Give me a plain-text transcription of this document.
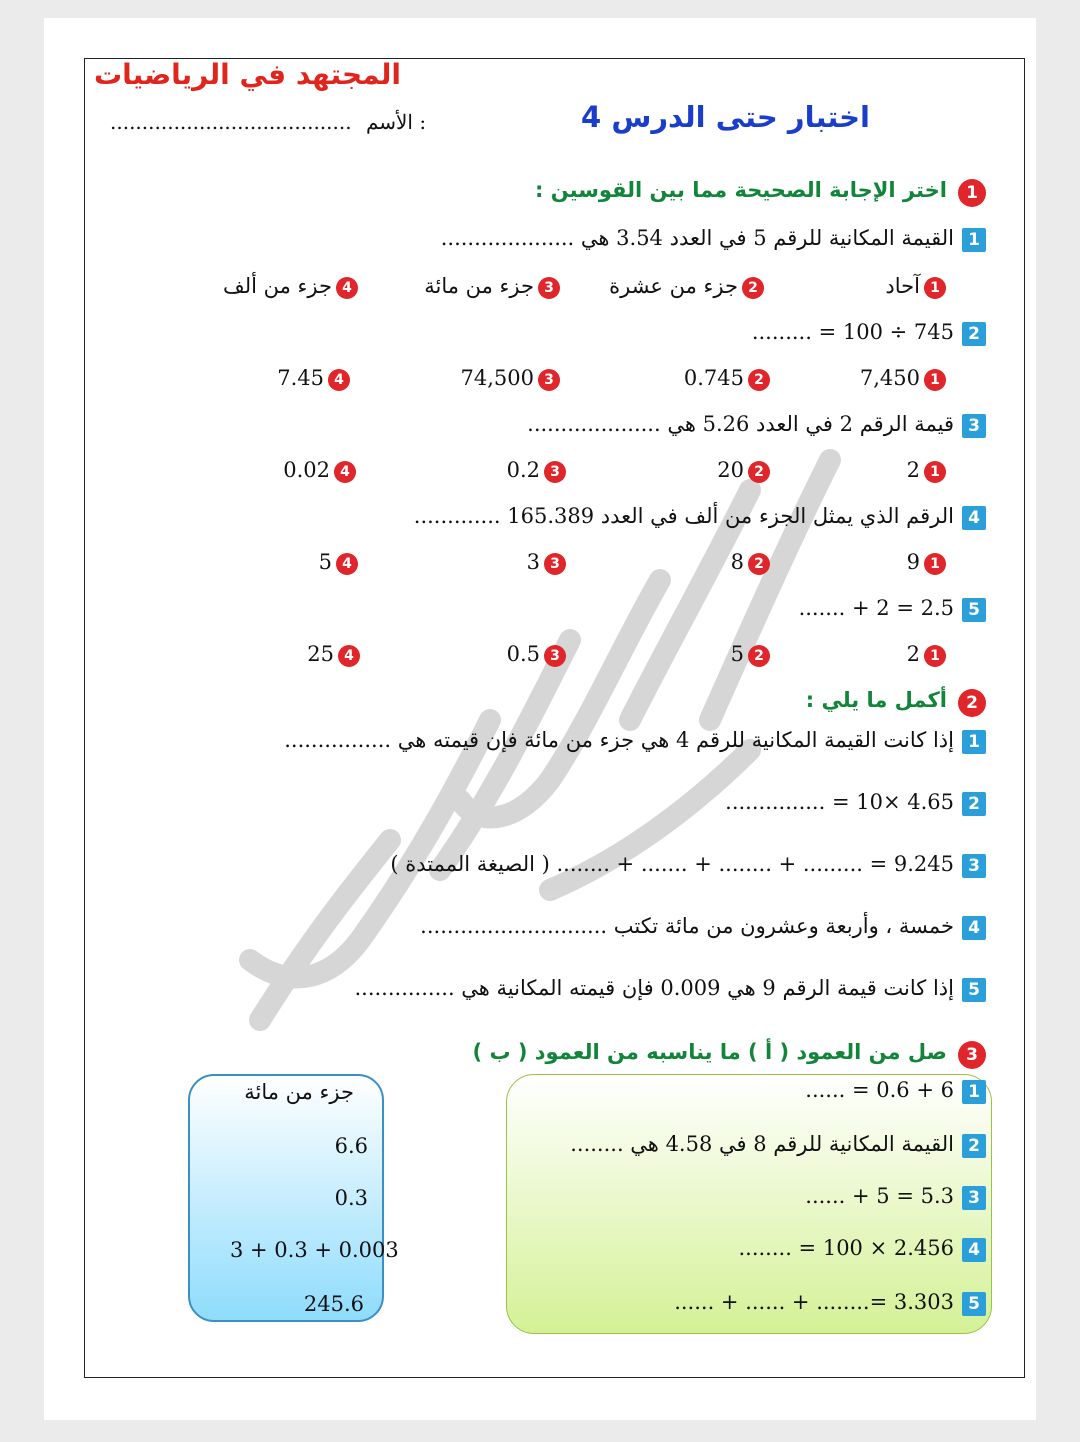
المجتهد في الرياضيات
اختبار حتى الدرس 4
...................................... الأسم :
1 اختر الإجابة الصحيحة مما بين القوسين :
1القيمة المكانية للرقم 5 في العدد 3.54 هي ....................
1آحاد
2جزء من عشرة
3جزء من مائة
4جزء من ألف
2745 ÷ 100 = .........
17,450
20.745
374,500
47.45
3قيمة الرقم 2 في العدد 5.26 هي ....................
12
220
30.2
40.02
4الرقم الذي يمثل الجزء من ألف في العدد 165.389 .............
19
28
33
45
52.5 = 2 + .......
12
25
30.5
425
2 أكمل ما يلي :
1إذا كانت القيمة المكانية للرقم 4 هي جزء من مائة فإن قيمته هي ................
24.65 ×10 = ...............
39.245 = ......... + ........ + ....... + ........ ( الصيغة الممتدة )
4خمسة ، وأربعة وعشرون من مائة تكتب ............................
5إذا كانت قيمة الرقم 9 هي 0.009 فإن قيمته المكانية هي ...............
3 صل من العمود ( أ ) ما يناسبه من العمود ( ب )
16 + 0.6 = ......
2القيمة المكانية للرقم 8 في 4.58 هي ........
35.3 = 5 + ......
42.456 × 100 = ........
53.303 =........ + ...... + ......
جزء من مائة
6.6
0.3
3 + 0.3 + 0.003
245.6
